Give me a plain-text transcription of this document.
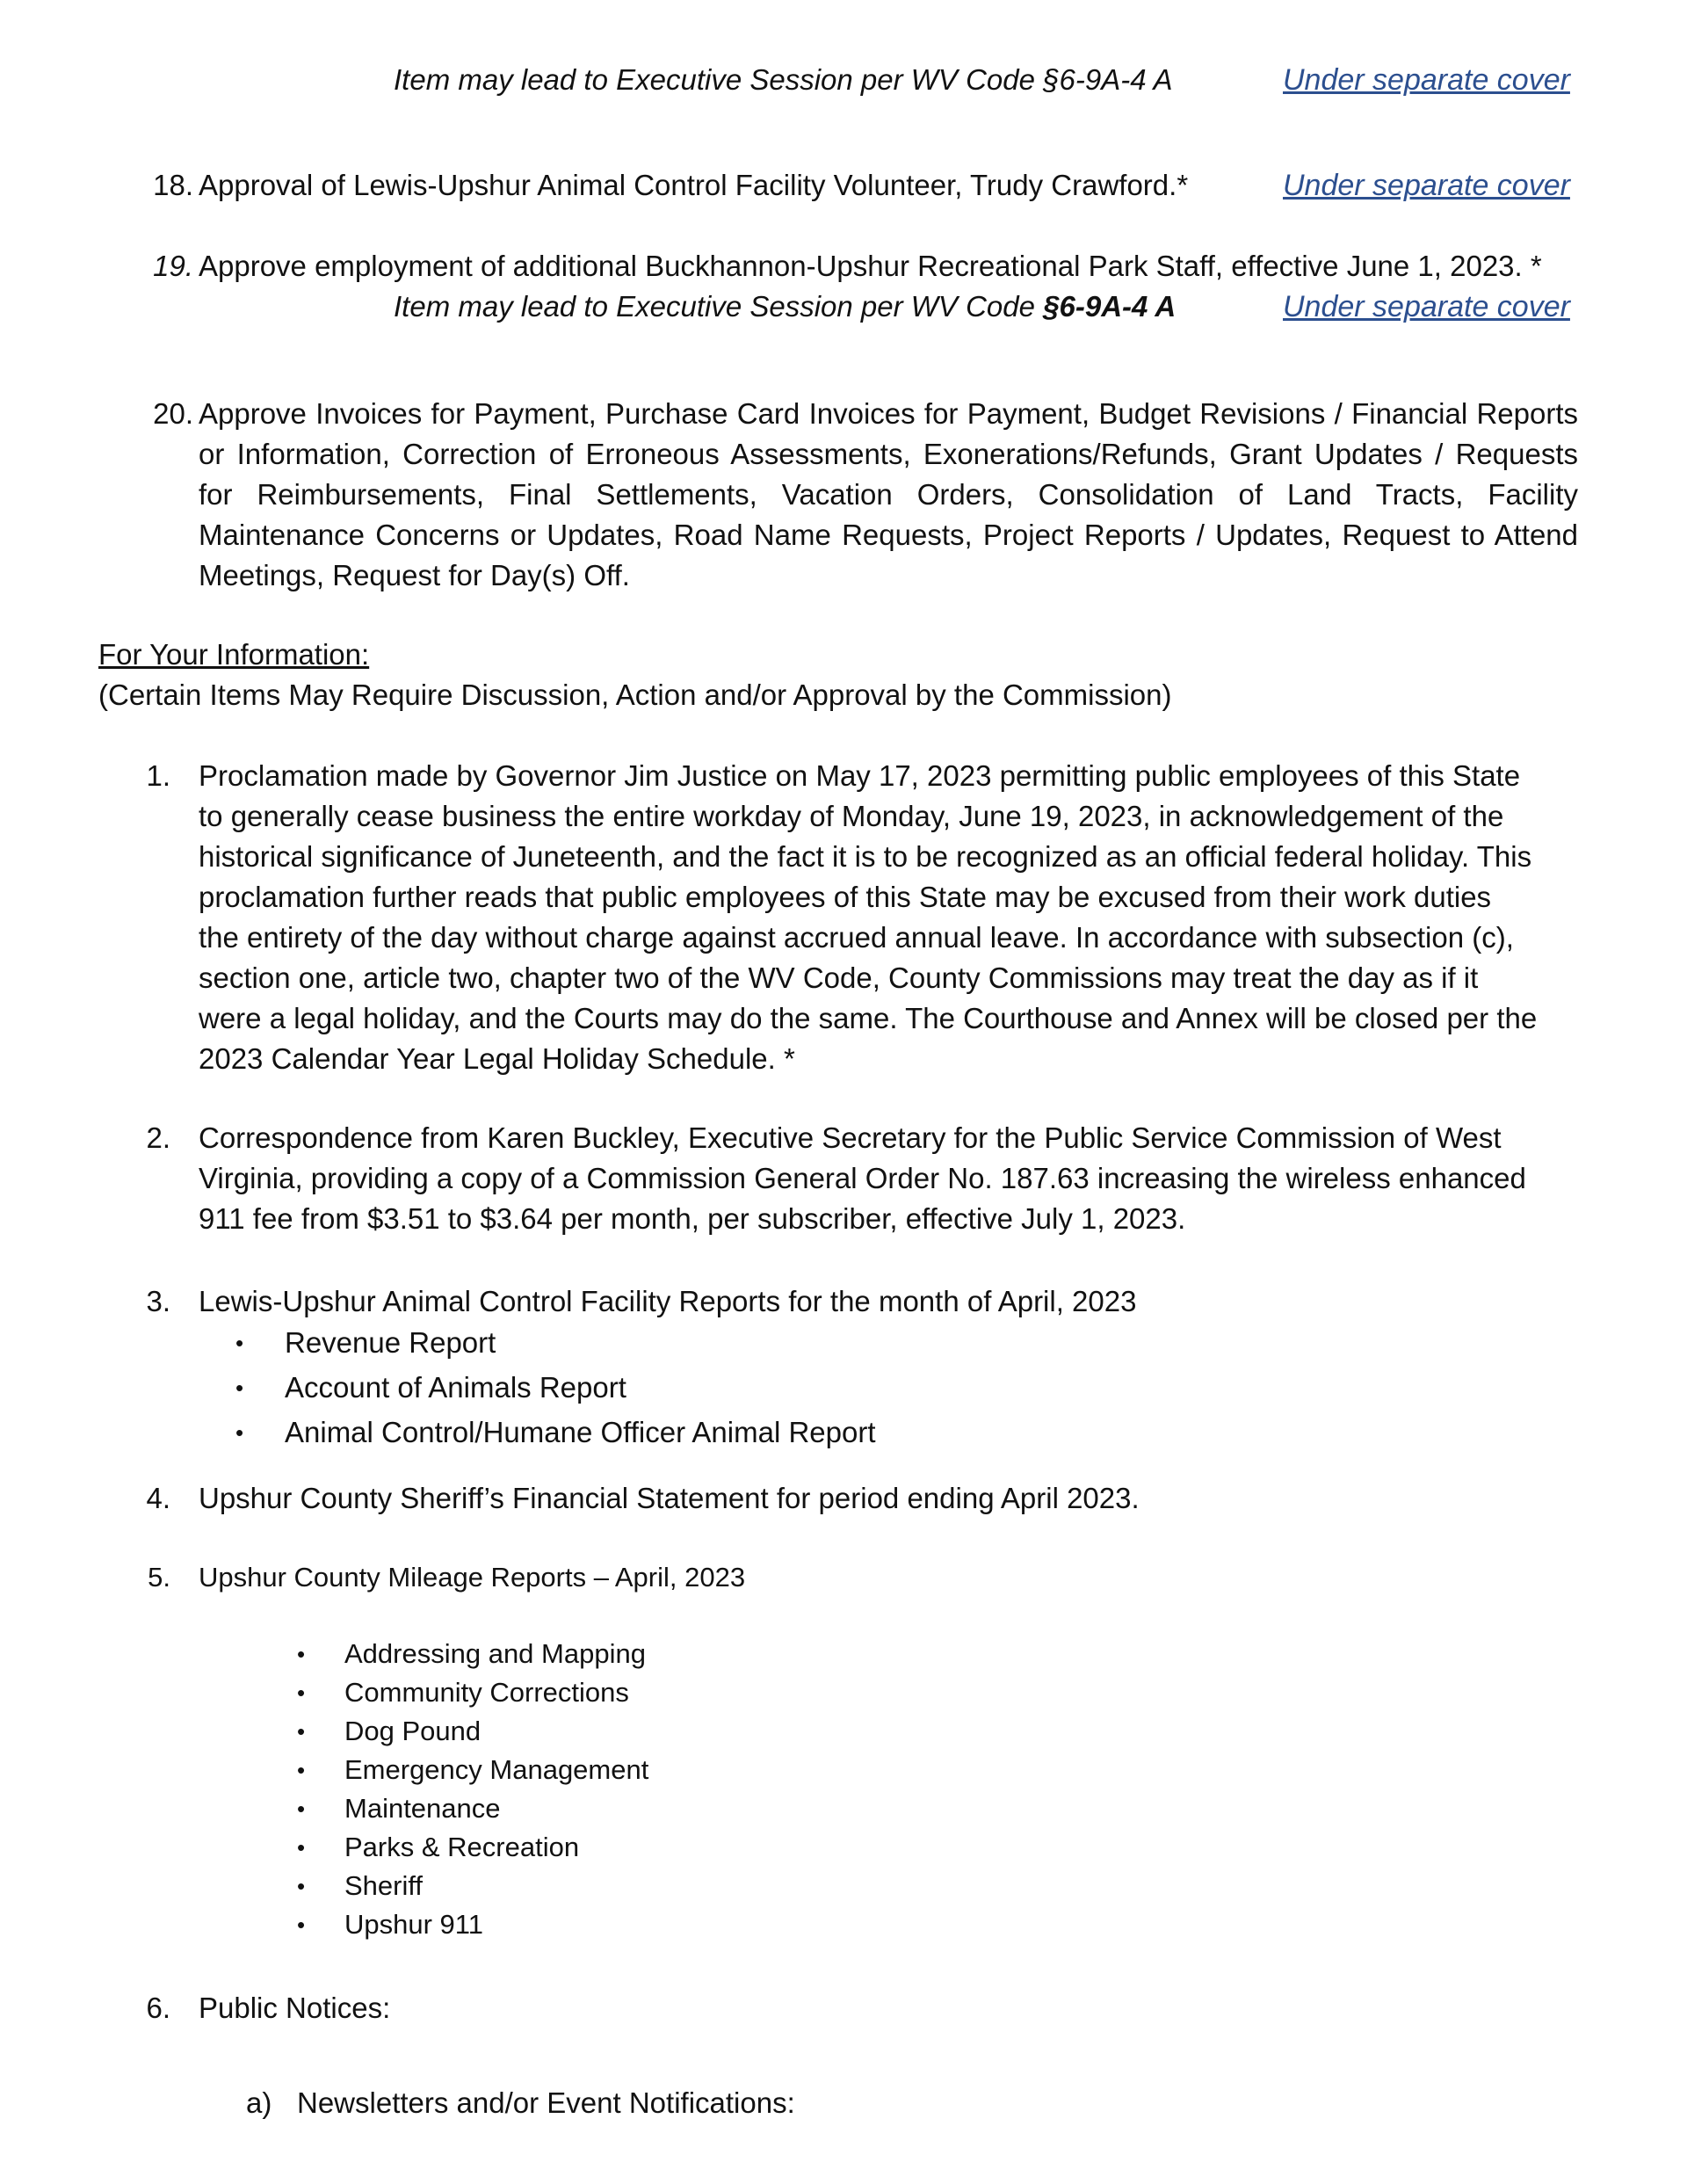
Item may lead to Executive Session per WV Code §6-9A-4 A	Under separate cover
18. Approval of Lewis-Upshur Animal Control Facility Volunteer, Trudy Crawford.*	Under separate cover
19. Approve employment of additional Buckhannon-Upshur Recreational Park Staff, effective June 1, 2023. *
Item may lead to Executive Session per WV Code §6-9A-4 A	Under separate cover
20. Approve Invoices for Payment, Purchase Card Invoices for Payment, Budget Revisions / Financial Reports
or Information, Correction of Erroneous Assessments, Exonerations/Refunds, Grant Updates / Requests
for Reimbursements, Final Settlements, Vacation Orders, Consolidation of Land Tracts, Facility
Maintenance Concerns or Updates, Road Name Requests, Project Reports / Updates, Request to Attend
Meetings, Request for Day(s) Off.
For Your Information:
(Certain Items May Require Discussion, Action and/or Approval by the Commission)
1. Proclamation made by Governor Jim Justice on May 17, 2023 permitting public employees of this State
to generally cease business the entire workday of Monday, June 19, 2023, in acknowledgement of the
historical significance of Juneteenth, and the fact it is to be recognized as an official federal holiday. This
proclamation further reads that public employees of this State may be excused from their work duties
the entirety of the day without charge against accrued annual leave. In accordance with subsection (c),
section one, article two, chapter two of the WV Code, County Commissions may treat the day as if it
were a legal holiday, and the Courts may do the same. The Courthouse and Annex will be closed per the
2023 Calendar Year Legal Holiday Schedule. *
2. Correspondence from Karen Buckley, Executive Secretary for the Public Service Commission of West
Virginia, providing a copy of a Commission General Order No. 187.63 increasing the wireless enhanced
911 fee from $3.51 to $3.64 per month, per subscriber, effective July 1, 2023.
3. Lewis-Upshur Animal Control Facility Reports for the month of April, 2023
• Revenue Report
• Account of Animals Report
• Animal Control/Humane Officer Animal Report
4. Upshur County Sheriff’s Financial Statement for period ending April 2023.
5. Upshur County Mileage Reports – April, 2023
• Addressing and Mapping
• Community Corrections
• Dog Pound
• Emergency Management
• Maintenance
• Parks & Recreation
• Sheriff
• Upshur 911
6. Public Notices:
a) Newsletters and/or Event Notifications:
